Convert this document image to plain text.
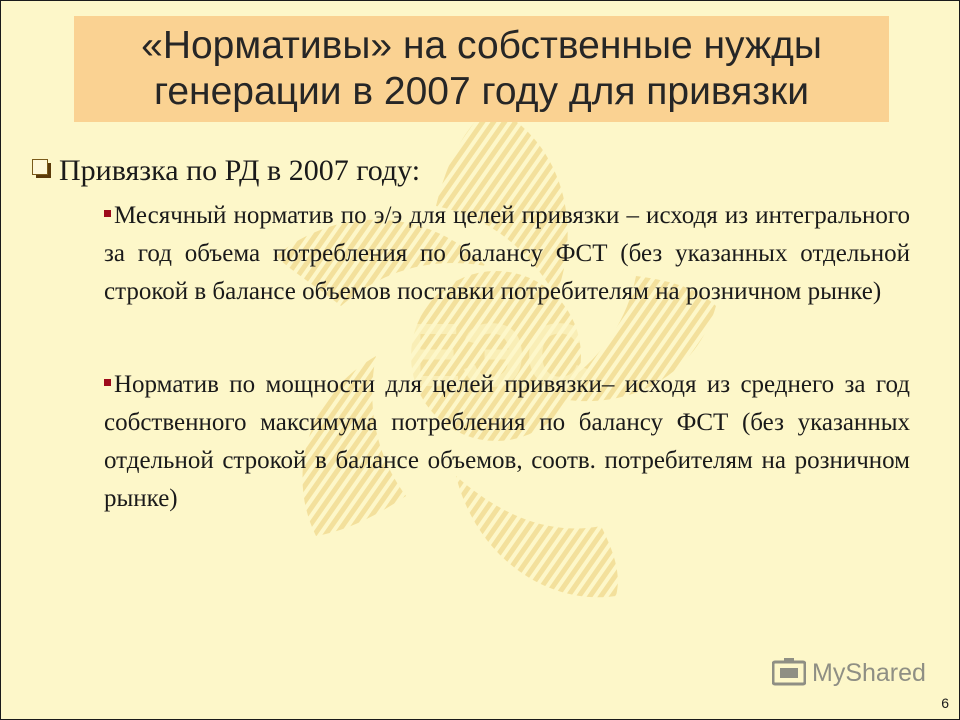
ЕЭС
«Нормативы» на собственные нужды
генерации в 2007 году для привязки
Привязка по РД в 2007 году:

Месячный норматив по э/э для целей привязки – исходя из интегрального за год объема потребления по балансу ФСТ (без указанных отдельной строкой в балансе объемов поставки потребителям на розничном рынке)

Норматив по мощности для целей привязки– исходя из среднего за год собственного максимума потребления по балансу ФСТ (без указанных отдельной строкой в балансе объемов, соотв. потребителям на розничном рынке)

MyShared
6
